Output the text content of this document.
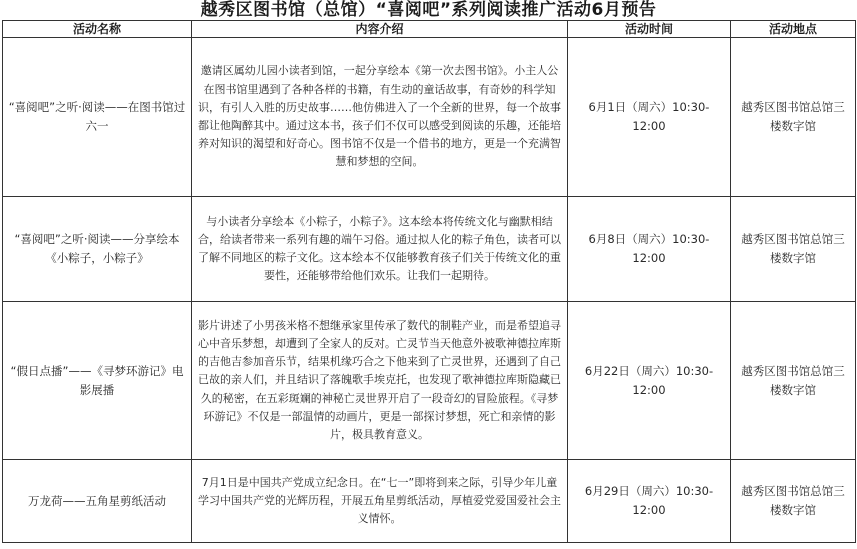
越秀区图书馆（总馆）“喜阅吧”系列阅读推广活动6月预告
活动名称	内容介绍	活动时间	活动地点
“喜阅吧”之听·阅读——在图书馆过六一	邀请区属幼儿园小读者到馆，一起分享绘本《第一次去图书馆》。小主人公在图书馆里遇到了各种各样的书籍，有生动的童话故事，有奇妙的科学知识，有引人入胜的历史故事……他仿佛进入了一个全新的世界，每一个故事都让他陶醉其中。通过这本书，孩子们不仅可以感受到阅读的乐趣，还能培养对知识的渴望和好奇心。图书馆不仅是一个借书的地方，更是一个充满智慧和梦想的空间。	6月1日（周六）10:30-12:00	越秀区图书馆总馆三楼数字馆
“喜阅吧”之听·阅读——分享绘本《小粽子，小粽子》	与小读者分享绘本《小粽子，小粽子》。这本绘本将传统文化与幽默相结合，给读者带来一系列有趣的端午习俗。通过拟人化的粽子角色，读者可以了解不同地区的粽子文化。这本绘本不仅能够教育孩子们关于传统文化的重要性，还能够带给他们欢乐。让我们一起期待。	6月8日（周六）10:30-12:00	越秀区图书馆总馆三楼数字馆
“假日点播”——《寻梦环游记》电影展播	影片讲述了小男孩米格不想继承家里传承了数代的制鞋产业，而是希望追寻心中音乐梦想，却遭到了全家人的反对。亡灵节当天他意外被歌神德拉库斯的吉他吉参加音乐节，结果机缘巧合之下他来到了亡灵世界，还遇到了自己已故的亲人们，并且结识了落魄歌手埃克托，也发现了歌神德拉库斯隐藏已久的秘密，在五彩斑斓的神秘亡灵世界开启了一段奇幻的冒险旅程。《寻梦环游记》不仅是一部温情的动画片，更是一部探讨梦想，死亡和亲情的影片，极具教育意义。	6月22日（周六）10:30-12:00	越秀区图书馆总馆三楼数字馆
万龙荷——五角星剪纸活动	7月1日是中国共产党成立纪念日。在“七一”即将到来之际，引导少年儿童学习中国共产党的光辉历程，开展五角星剪纸活动，厚植爱党爱国爱社会主义情怀。	6月29日（周六）10:30-12:00	越秀区图书馆总馆三楼数字馆
